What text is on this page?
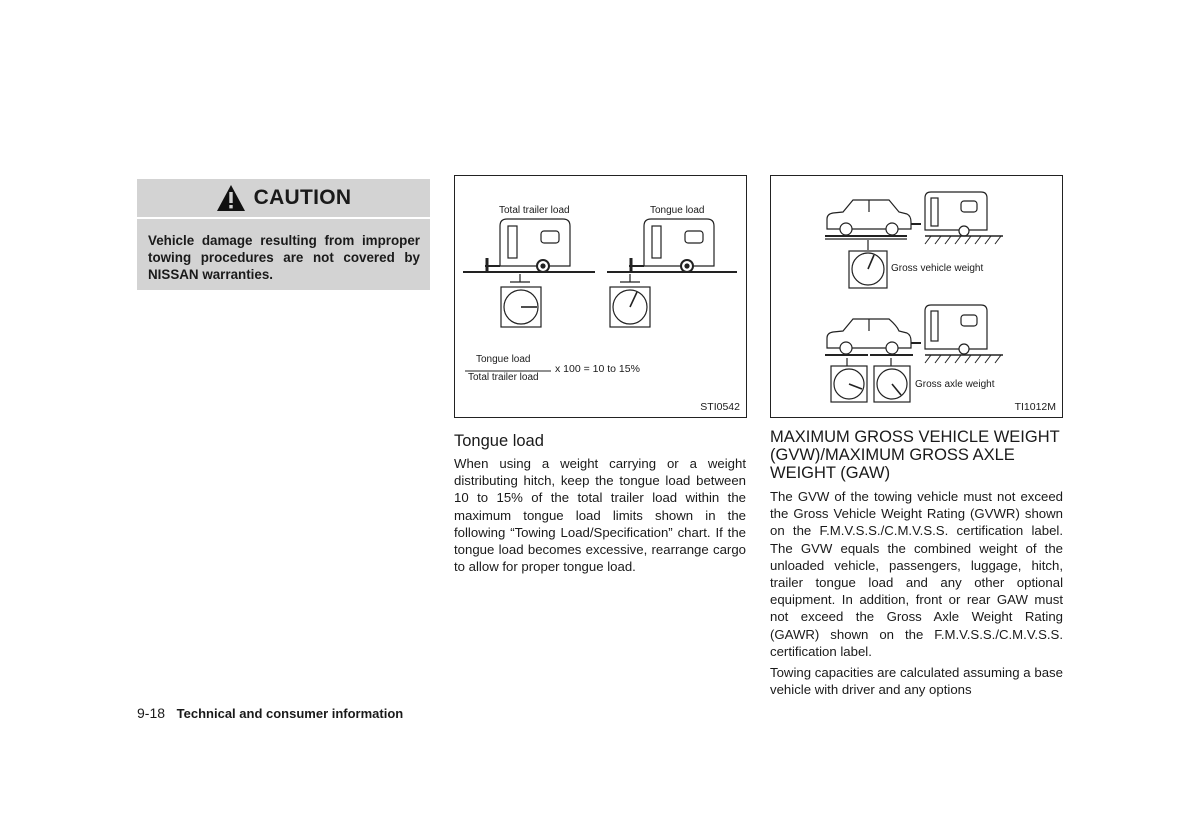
CAUTION
Vehicle damage resulting from improper towing procedures are not covered by NISSAN warranties.
Total trailer load	Tongue load
Tongue load
Total trailer load
x 100 = 10 to 15%
STI0542
Gross vehicle weight
Gross axle weight
TI1012M
Tongue load
When using a weight carrying or a weight distributing hitch, keep the tongue load between 10 to 15% of the total trailer load within the maximum tongue load limits shown in the following “Towing Load/Specification” chart. If the tongue load becomes excessive, rearrange cargo to allow for proper tongue load.
MAXIMUM GROSS VEHICLE WEIGHT (GVW)/MAXIMUM GROSS AXLE WEIGHT (GAW)
The GVW of the towing vehicle must not exceed the Gross Vehicle Weight Rating (GVWR) shown on the F.M.V.S.S./C.M.V.S.S. certification label. The GVW equals the combined weight of the unloaded vehicle, passengers, luggage, hitch, trailer tongue load and any other optional equipment. In addition, front or rear GAW must not exceed the Gross Axle Weight Rating (GAWR) shown on the F.M.V.S.S./C.M.V.S.S. certification label.
Towing capacities are calculated assuming a base vehicle with driver and any options
9-18 Technical and consumer information
